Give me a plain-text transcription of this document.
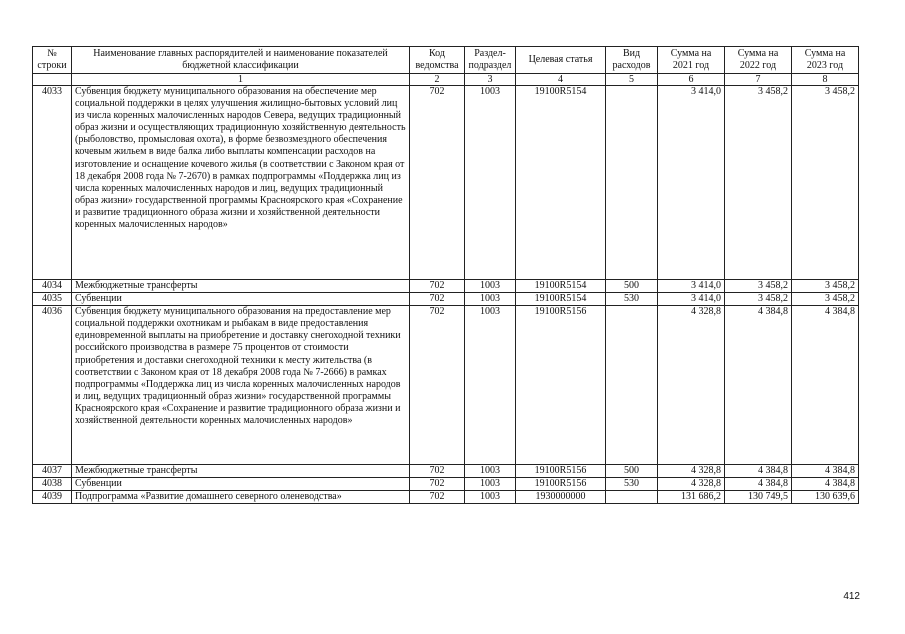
№ строки	Наименование главных распорядителей и наименование показателей бюджетной классификации	Код ведомства	Раздел-подраздел	Целевая статья	Вид расходов	Сумма на 2021 год	Сумма на 2022 год	Сумма на 2023 год
	1	2	3	4	5	6	7	8
4033	Субвенция бюджету муниципального образования на обеспечение мер социальной поддержки в целях улучшения жилищно-бытовых условий лиц из числа коренных малочисленных народов Севера, ведущих традиционный образ жизни и осуществляющих традиционную хозяйственную деятельность (рыболовство, промысловая охота), в форме безвозмездного обеспечения кочевым жильем в виде балка либо выплаты компенсации расходов на изготовление и оснащение кочевого жилья (в соответствии с Законом края от 18 декабря 2008 года № 7-2670) в рамках подпрограммы «Поддержка лиц из числа коренных малочисленных народов и лиц, ведущих традиционный образ жизни» государственной программы Красноярского края «Сохранение и развитие традиционного образа жизни и хозяйственной деятельности коренных малочисленных народов»	702	1003	19100R5154		3 414,0	3 458,2	3 458,2
4034	Межбюджетные трансферты	702	1003	19100R5154	500	3 414,0	3 458,2	3 458,2
4035	Субвенции	702	1003	19100R5154	530	3 414,0	3 458,2	3 458,2
4036	Субвенция бюджету муниципального образования на предоставление мер социальной поддержки охотникам и рыбакам в виде предоставления единовременной выплаты на приобретение и доставку снегоходной техники российского производства в размере 75 процентов от стоимости приобретения и доставки снегоходной техники к месту жительства (в соответствии с Законом края от 18 декабря 2008 года № 7-2666) в рамках подпрограммы «Поддержка лиц из числа коренных малочисленных народов и лиц, ведущих традиционный образ жизни» государственной программы Красноярского края «Сохранение и развитие традиционного образа жизни и хозяйственной деятельности коренных малочисленных народов»	702	1003	19100R5156		4 328,8	4 384,8	4 384,8
4037	Межбюджетные трансферты	702	1003	19100R5156	500	4 328,8	4 384,8	4 384,8
4038	Субвенции	702	1003	19100R5156	530	4 328,8	4 384,8	4 384,8
4039	Подпрограмма «Развитие домашнего северного оленеводства»	702	1003	1930000000		131 686,2	130 749,5	130 639,6
412
